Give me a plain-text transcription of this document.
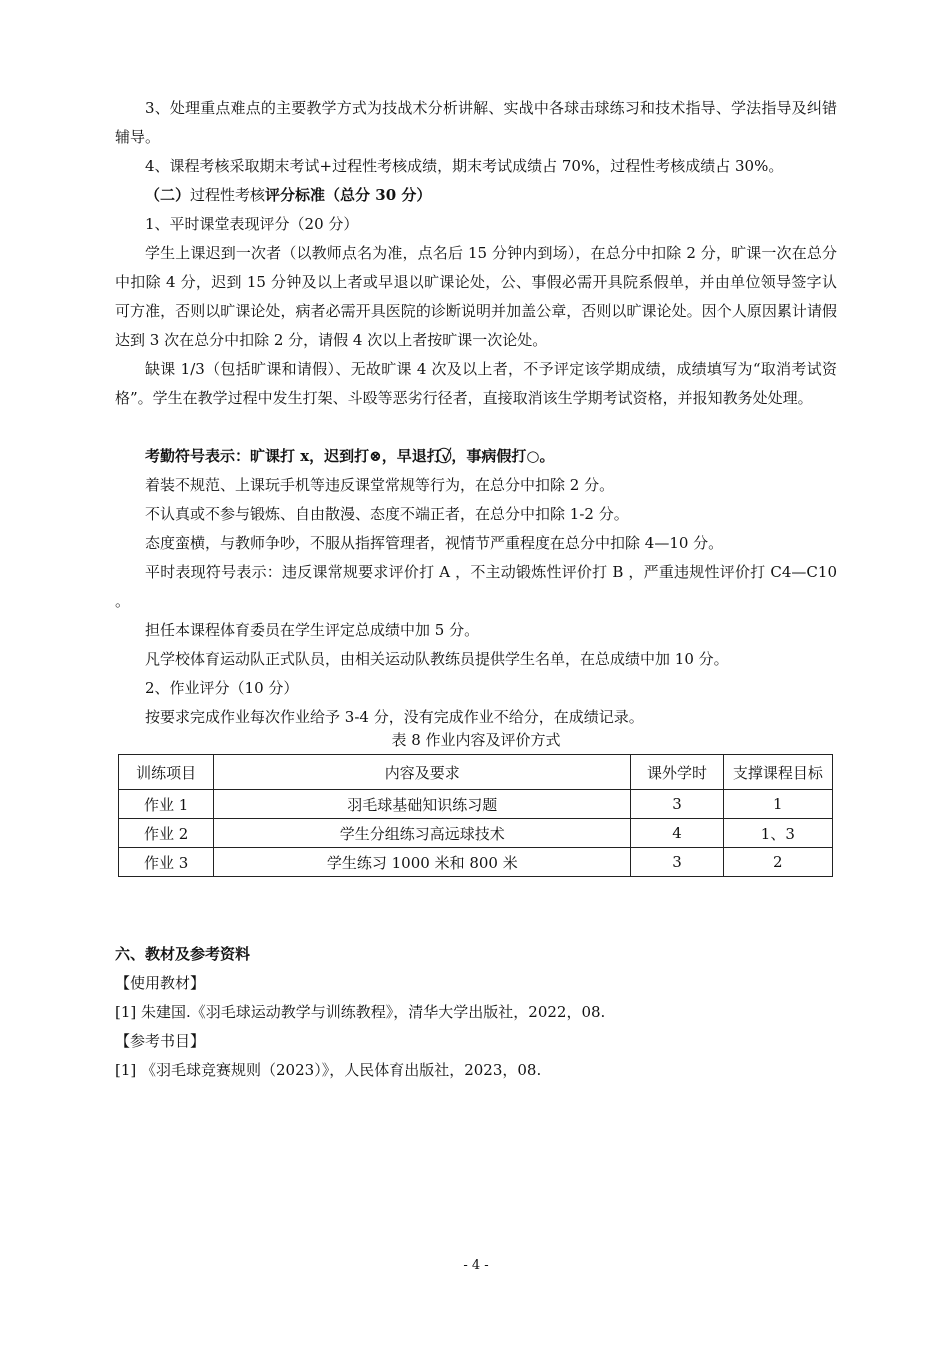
3、处理重点难点的主要教学方式为技战术分析讲解、实战中各球击球练习和技术指导、学法指导及纠错辅导。

4、课程考核采取期末考试+过程性考核成绩，期末考试成绩占 70%，过程性考核成绩占 30%。

（二）过程性考核评分标准（总分 30 分）

1、平时课堂表现评分（20 分）

学生上课迟到一次者（以教师点名为准，点名后 15 分钟内到场），在总分中扣除 2 分，旷课一次在总分中扣除 4 分，迟到 15 分钟及以上者或早退以旷课论处，公、事假必需开具院系假单，并由单位领导签字认可方准，否则以旷课论处，病者必需开具医院的诊断说明并加盖公章，否则以旷课论处。因个人原因累计请假达到 3 次在总分中扣除 2 分，请假 4 次以上者按旷课一次论处。

缺课 1/3（包括旷课和请假）、无故旷课 4 次及以上者，不予评定该学期成绩，成绩填写为“取消考试资格”。学生在教学过程中发生打架、斗殴等恶劣行径者，直接取消该生学期考试资格，并报知教务处处理。

考勤符号表示：旷课打 x，迟到打⊗，早退打✓⃝，事病假打○。

着装不规范、上课玩手机等违反课堂常规等行为，在总分中扣除 2 分。

不认真或不参与锻炼、自由散漫、态度不端正者，在总分中扣除 1-2 分。

态度蛮横，与教师争吵，不服从指挥管理者，视情节严重程度在总分中扣除 4—10 分。

平时表现符号表示：违反课常规要求评价打 A ，不主动锻炼性评价打 B ，严重违规性评价打 C4—C10 。

担任本课程体育委员在学生评定总成绩中加 5 分。

凡学校体育运动队正式队员，由相关运动队教练员提供学生名单，在总成绩中加 10 分。

2、作业评分（10 分）

按要求完成作业每次作业给予 3-4 分，没有完成作业不给分，在成绩记录。

表 8 作业内容及评价方式
训练项目	内容及要求	课外学时	支撑课程目标
作业 1	羽毛球基础知识练习题	3	1
作业 2	学生分组练习高远球技术	4	1、3
作业 3	学生练习 1000 米和 800 米	3	2

六、教材及参考资料

【使用教材】

[1] 朱建国.《羽毛球运动教学与训练教程》，清华大学出版社，2022，08.

【参考书目】

[1] 《羽毛球竞赛规则（2023）》，人民体育出版社，2023，08.

- 4 -
